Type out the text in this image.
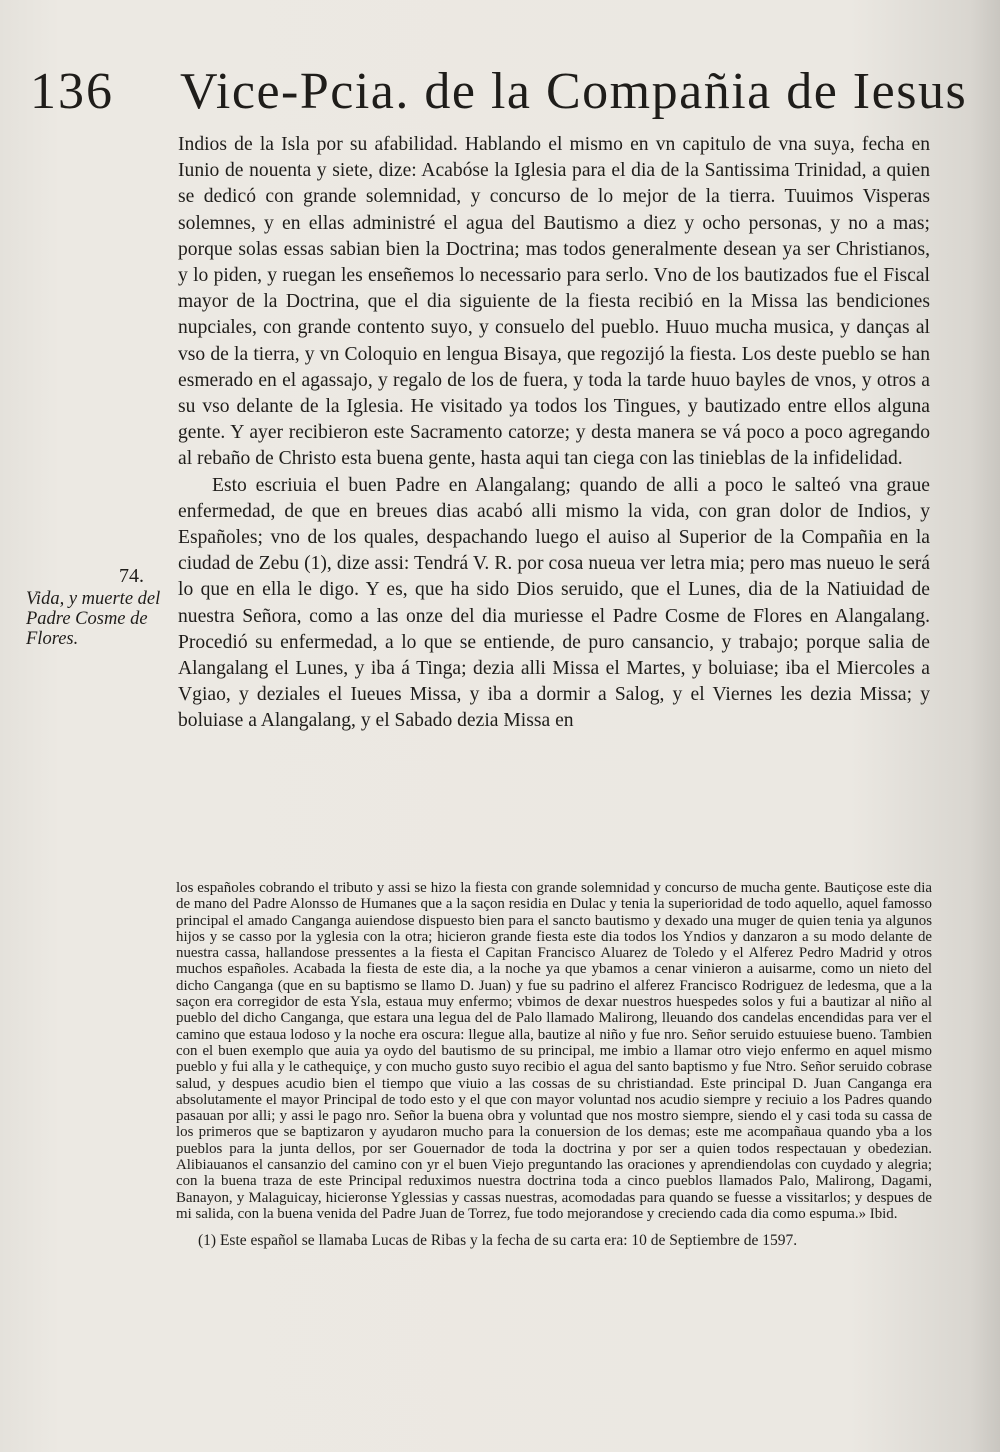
136 Vice-Pcia. de la Compañia de Iesus
74.
Vida, y muerte del Padre Cosme de Flores.

Indios de la Isla por su afabilidad. Hablando el mismo en vn capitulo de vna suya, fecha en Iunio de nouenta y siete, dize: Acabóse la Iglesia para el dia de la Santissima Trinidad, a quien se dedicó con grande solemnidad, y concurso de lo mejor de la tierra. Tuuimos Visperas solemnes, y en ellas administré el agua del Bautismo a diez y ocho personas, y no a mas; porque solas essas sabian bien la Doctrina; mas todos generalmente desean ya ser Christianos, y lo piden, y ruegan les enseñemos lo necessario para serlo. Vno de los bautizados fue el Fiscal mayor de la Doctrina, que el dia siguiente de la fiesta recibió en la Missa las bendiciones nupciales, con grande contento suyo, y consuelo del pueblo. Huuo mucha musica, y danças al vso de la tierra, y vn Coloquio en lengua Bisaya, que regozijó la fiesta. Los deste pueblo se han esmerado en el agassajo, y regalo de los de fuera, y toda la tarde huuo bayles de vnos, y otros a su vso delante de la Iglesia. He visitado ya todos los Tingues, y bautizado entre ellos alguna gente. Y ayer recibieron este Sacramento catorze; y desta manera se vá poco a poco agregando al rebaño de Christo esta buena gente, hasta aqui tan ciega con las tinieblas de la infidelidad.

Esto escriuia el buen Padre en Alangalang; quando de alli a poco le salteó vna graue enfermedad, de que en breues dias acabó alli mismo la vida, con gran dolor de Indios, y Españoles; vno de los quales, despachando luego el auiso al Superior de la Compañia en la ciudad de Zebu (1), dize assi: Tendrá V. R. por cosa nueua ver letra mia; pero mas nueuo le será lo que en ella le digo. Y es, que ha sido Dios seruido, que el Lunes, dia de la Natiuidad de nuestra Señora, como a las onze del dia muriesse el Padre Cosme de Flores en Alangalang. Procedió su enfermedad, a lo que se entiende, de puro cansancio, y trabajo; porque salia de Alangalang el Lunes, y iba á Tinga; dezia alli Missa el Martes, y boluiase; iba el Miercoles a Vgiao, y deziales el Iueues Missa, y iba a dormir a Salog, y el Viernes les dezia Missa; y boluiase a Alangalang, y el Sabado dezia Missa en

los españoles cobrando el tributo y assi se hizo la fiesta con grande solemnidad y concurso de mucha gente. Bautiçose este dia de mano del Padre Alonsso de Humanes que a la saçon residia en Dulac y tenia la superioridad de todo aquello, aquel famosso principal el amado Canganga auiendose dispuesto bien para el sancto bautismo y dexado una muger de quien tenia ya algunos hijos y se casso por la yglesia con la otra; hicieron grande fiesta este dia todos los Yndios y danzaron a su modo delante de nuestra cassa, hallandose pressentes a la fiesta el Capitan Francisco Aluarez de Toledo y el Alferez Pedro Madrid y otros muchos españoles. Acabada la fiesta de este dia, a la noche ya que ybamos a cenar vinieron a auisarme, como un nieto del dicho Canganga (que en su baptismo se llamo D. Juan) y fue su padrino el alferez Francisco Rodriguez de ledesma, que a la saçon era corregidor de esta Ysla, estaua muy enfermo; vbimos de dexar nuestros huespedes solos y fui a bautizar al niño al pueblo del dicho Canganga, que estara una legua del de Palo llamado Malirong, lleuando dos candelas encendidas para ver el camino que estaua lodoso y la noche era oscura: llegue alla, bautize al niño y fue nro. Señor seruido estuuiese bueno. Tambien con el buen exemplo que auia ya oydo del bautismo de su principal, me imbio a llamar otro viejo enfermo en aquel mismo pueblo y fui alla y le cathequiçe, y con mucho gusto suyo recibio el agua del santo baptismo y fue Ntro. Señor seruido cobrase salud, y despues acudio bien el tiempo que viuio a las cossas de su christiandad. Este principal D. Juan Canganga era absolutamente el mayor Principal de todo esto y el que con mayor voluntad nos acudio siempre y reciuio a los Padres quando pasauan por alli; y assi le pago nro. Señor la buena obra y voluntad que nos mostro siempre, siendo el y casi toda su cassa de los primeros que se baptizaron y ayudaron mucho para la conuersion de los demas; este me acompañaua quando yba a los pueblos para la junta dellos, por ser Gouernador de toda la doctrina y por ser a quien todos respectauan y obedezian. Alibiauanos el cansanzio del camino con yr el buen Viejo preguntando las oraciones y aprendiendolas con cuydado y alegria; con la buena traza de este Principal reduximos nuestra doctrina toda a cinco pueblos llamados Palo, Malirong, Dagami, Banayon, y Malaguicay, hicieronse Yglessias y cassas nuestras, acomodadas para quando se fuesse a vissitarlos; y despues de mi salida, con la buena venida del Padre Juan de Torrez, fue todo mejorandose y creciendo cada dia como espuma.» Ibid.

(1) Este español se llamaba Lucas de Ribas y la fecha de su carta era: 10 de Septiembre de 1597.
